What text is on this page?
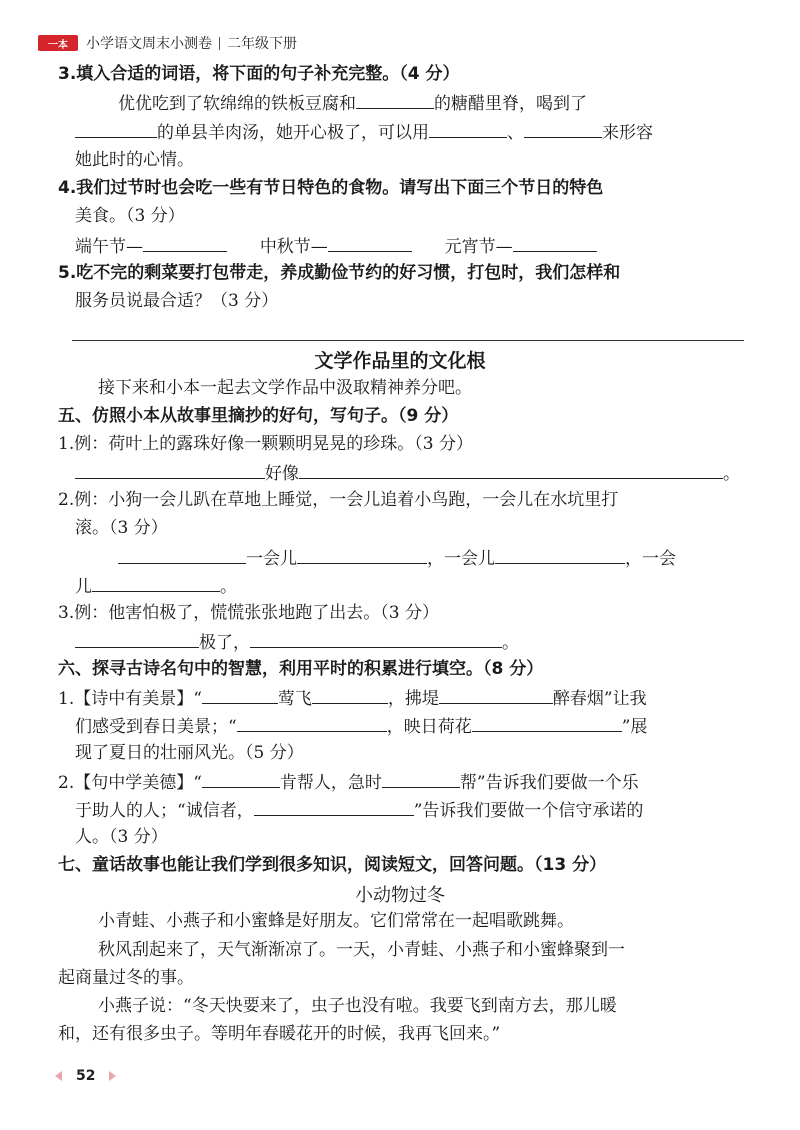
一本	小学语文周末小测卷 二年级下册
3.填入合适的词语，将下面的句子补充完整。（4 分）
优优吃到了软绵绵的铁板豆腐和	的糖醋里脊，喝到了
的单县羊肉汤，她开心极了，可以用	、	来形容
她此时的心情。
4.我们过节时也会吃一些有节日特色的食物。请写出下面三个节日的特色
美食。（3 分）
端午节—	中秋节—	元宵节—
5.吃不完的剩菜要打包带走，养成勤俭节约的好习惯，打包时，我们怎样和
服务员说最合适？（3 分）
文学作品里的文化根
接下来和小本一起去文学作品中汲取精神养分吧。
五、仿照小本从故事里摘抄的好句，写句子。（9 分）
1.例：荷叶上的露珠好像一颗颗明晃晃的珍珠。（3 分）
好像	。
2.例：小狗一会儿趴在草地上睡觉，一会儿追着小鸟跑，一会儿在水坑里打
滚。（3 分）
一会儿	，一会儿	，一会
儿	。
3.例：他害怕极了，慌慌张张地跑了出去。（3 分）
极了，	。
六、探寻古诗名句中的智慧，利用平时的积累进行填空。（8 分）
1.【诗中有美景】“	莺飞	，拂堤	醉春烟”让我
们感受到春日美景；“	，映日荷花	”展
现了夏日的壮丽风光。（5 分）
2.【句中学美德】“	肯帮人，急时	帮”告诉我们要做一个乐
于助人的人；“诚信者，	”告诉我们要做一个信守承诺的
人。（3 分）
七、童话故事也能让我们学到很多知识，阅读短文，回答问题。（13 分）
小动物过冬
小青蛙、小燕子和小蜜蜂是好朋友。它们常常在一起唱歌跳舞。
秋风刮起来了，天气渐渐凉了。一天，小青蛙、小燕子和小蜜蜂聚到一
起商量过冬的事。
小燕子说：“冬天快要来了，虫子也没有啦。我要飞到南方去，那儿暖
和，还有很多虫子。等明年春暖花开的时候，我再飞回来。”
52
